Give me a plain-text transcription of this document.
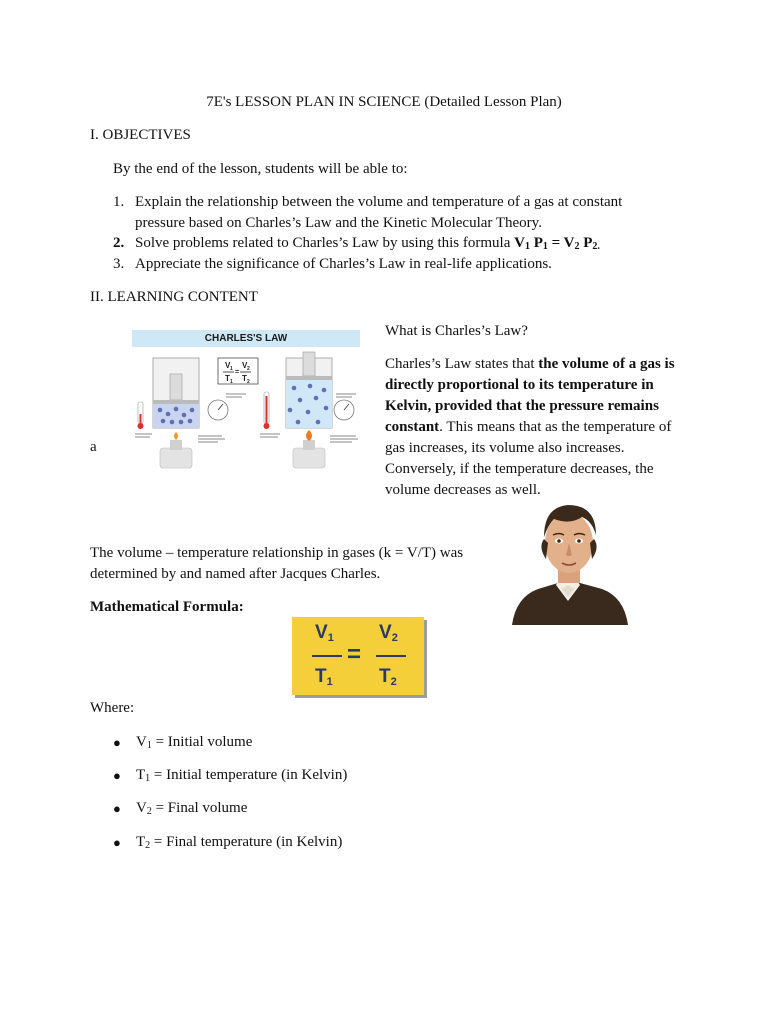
7E's LESSON PLAN IN SCIENCE (Detailed Lesson Plan)
I. OBJECTIVES
By the end of the lesson, students will be able to:
1. Explain the relationship between the volume and temperature of a gas at constant pressure based on Charles’s Law and the Kinetic Molecular Theory.
2. Solve problems related to Charles’s Law by using this formula $V_1$ $P_1 = V_2$ $P_{2.}$
3. Appreciate the significance of Charles’s Law in real-life applications.
II. LEARNING CONTENT
CHARLES'S LAW
V 1 V 2
=
T 1 T 2
a
What is Charles’s Law?
Charles’s Law states that the volume of a gas is directly proportional to its temperature in Kelvin, provided that the pressure remains constant. This means that as the temperature of gas increases, its volume also increases. Conversely, if the temperature decreases, the volume decreases as well.
The volume – temperature relationship in gases (k = V/T) was determined by and named after Jacques Charles.
Mathematical Formula:
$V_1$ $V_2$
=
$T_1$ $T_2$
Where:
● $V_1$ = Initial volume
● $T_1$ = Initial temperature (in Kelvin)
● $V_2$ = Final volume
● $T_2$ = Final temperature (in Kelvin)
